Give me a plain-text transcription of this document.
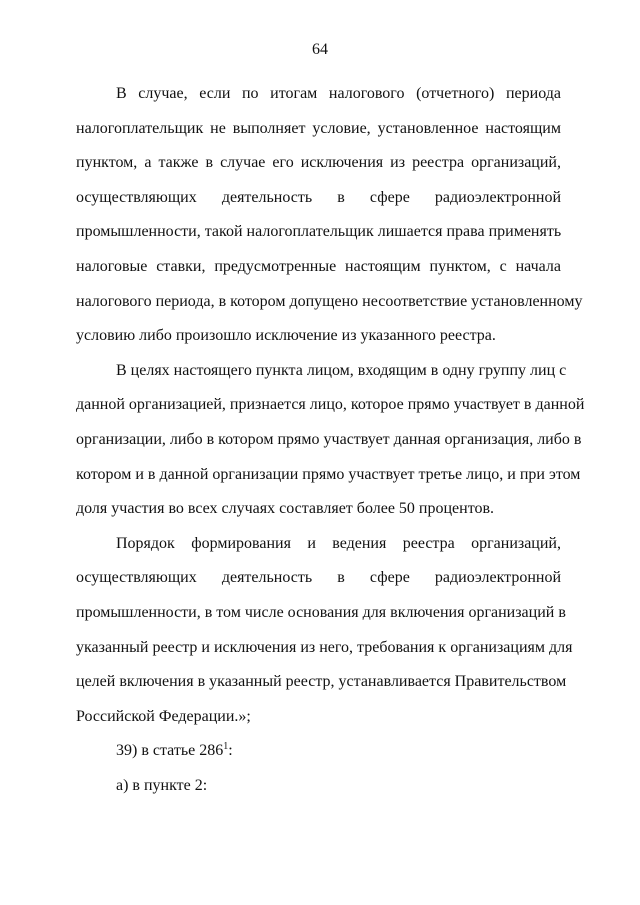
64
В случае, если по итогам налогового (отчетного) периода
налогоплательщик не выполняет условие, установленное настоящим
пунктом, а также в случае его исключения из реестра организаций,
осуществляющих деятельность в сфере радиоэлектронной
промышленности, такой налогоплательщик лишается права применять
налоговые ставки, предусмотренные настоящим пунктом, с начала
налогового периода, в котором допущено несоответствие установленному
условию либо произошло исключение из указанного реестра.
В целях настоящего пункта лицом, входящим в одну группу лиц с
данной организацией, признается лицо, которое прямо участвует в данной
организации, либо в котором прямо участвует данная организация, либо в
котором и в данной организации прямо участвует третье лицо, и при этом
доля участия во всех случаях составляет более 50 процентов.
Порядок формирования и ведения реестра организаций,
осуществляющих деятельность в сфере радиоэлектронной
промышленности, в том числе основания для включения организаций в
указанный реестр и исключения из него, требования к организациям для
целей включения в указанный реестр, устанавливается Правительством
Российской Федерации.»;
39) в статье $286^1$:
а) в пункте 2:
